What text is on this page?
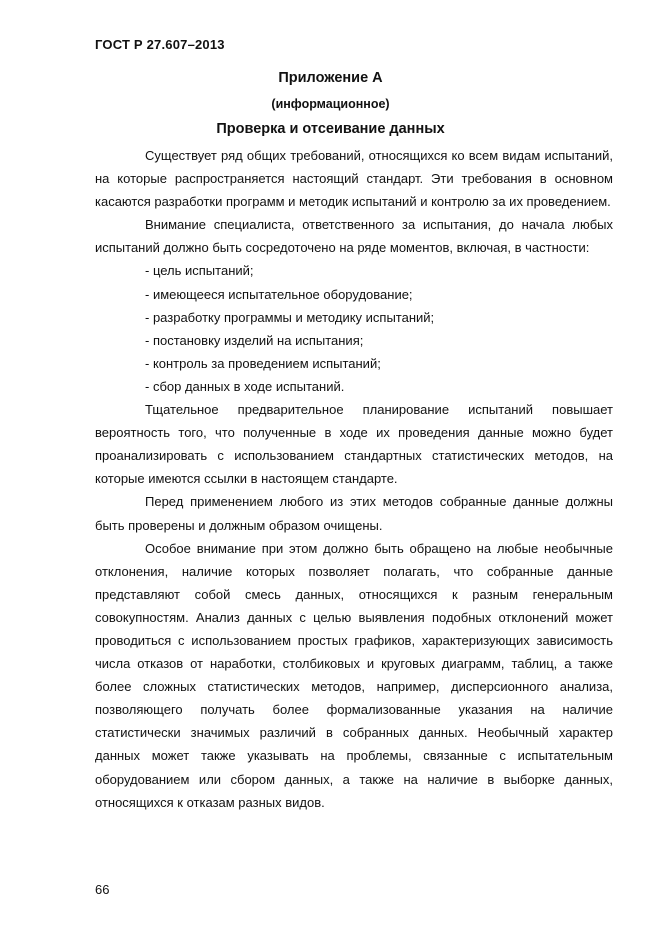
ГОСТ Р 27.607–2013
Приложение А
(информационное)
Проверка и отсеивание данных

Существует ряд общих требований, относящихся ко всем видам испытаний, на которые распространяется настоящий стандарт. Эти требования в основном касаются разработки программ и методик испытаний и контролю за их проведением.

Внимание специалиста, ответственного за испытания, до начала любых испытаний должно быть сосредоточено на ряде моментов, включая, в частности:

- цель испытаний;

- имеющееся испытательное оборудование;

- разработку программы и методику испытаний;

- постановку изделий на испытания;

- контроль за проведением испытаний;

- сбор данных в ходе испытаний.

Тщательное предварительное планирование испытаний повышает вероятность того, что полученные в ходе их проведения данные можно будет проанализировать с использованием стандартных статистических методов, на которые имеются ссылки в настоящем стандарте.

Перед применением любого из этих методов собранные данные должны быть проверены и должным образом очищены.

Особое внимание при этом должно быть обращено на любые необычные отклонения, наличие которых позволяет полагать, что собранные данные представляют собой смесь данных, относящихся к разным генеральным совокупностям. Анализ данных с целью выявления подобных отклонений может проводиться с использованием простых графиков, характеризующих зависимость числа отказов от наработки, столбиковых и круговых диаграмм, таблиц, а также более сложных статистических методов, например, дисперсионного анализа, позволяющего получать более формализованные указания на наличие статистически значимых различий в собранных данных. Необычный характер данных может также указывать на проблемы, связанные с испытательным оборудованием или сбором данных, а также на наличие в выборке данных, относящихся к отказам разных видов.

66
